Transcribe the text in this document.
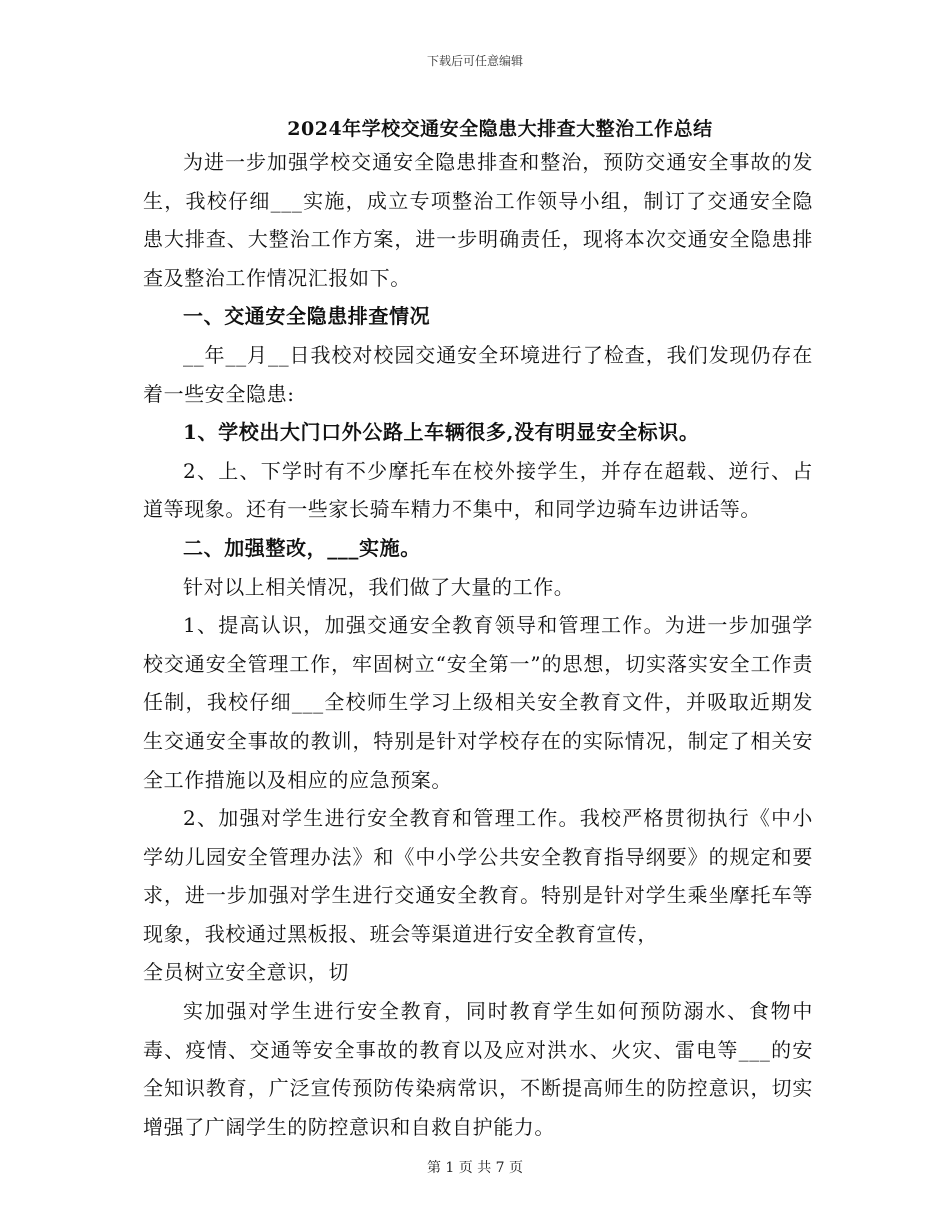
下载后可任意编辑
2024年学校交通安全隐患大排查大整治工作总结

为进一步加强学校交通安全隐患排查和整治，预防交通安全事故的发生，我校仔细___实施，成立专项整治工作领导小组，制订了交通安全隐患大排查、大整治工作方案，进一步明确责任，现将本次交通安全隐患排查及整治工作情况汇报如下。

一、交通安全隐患排查情况

__年__月__日我校对校园交通安全环境进行了检查，我们发现仍存在着一些安全隐患:

1、学校出大门口外公路上车辆很多,没有明显安全标识。

2、上、下学时有不少摩托车在校外接学生，并存在超载、逆行、占道等现象。还有一些家长骑车精力不集中，和同学边骑车边讲话等。

二、加强整改，___实施。

针对以上相关情况，我们做了大量的工作。

1、提高认识，加强交通安全教育领导和管理工作。为进一步加强学校交通安全管理工作，牢固树立“安全第一”的思想，切实落实安全工作责任制，我校仔细___全校师生学习上级相关安全教育文件，并吸取近期发生交通安全事故的教训，特别是针对学校存在的实际情况，制定了相关安全工作措施以及相应的应急预案。

2、加强对学生进行安全教育和管理工作。我校严格贯彻执行《中小学幼儿园安全管理办法》和《中小学公共安全教育指导纲要》的规定和要求，进一步加强对学生进行交通安全教育。特别是针对学生乘坐摩托车等现象，我校通过黑板报、班会等渠道进行安全教育宣传，

全员树立安全意识，切

实加强对学生进行安全教育，同时教育学生如何预防溺水、食物中毒、疫情、交通等安全事故的教育以及应对洪水、火灾、雷电等___的安全知识教育，广泛宣传预防传染病常识，不断提高师生的防控意识，切实增强了广阔学生的防控意识和自救自护能力。

第 1 页 共 7 页
